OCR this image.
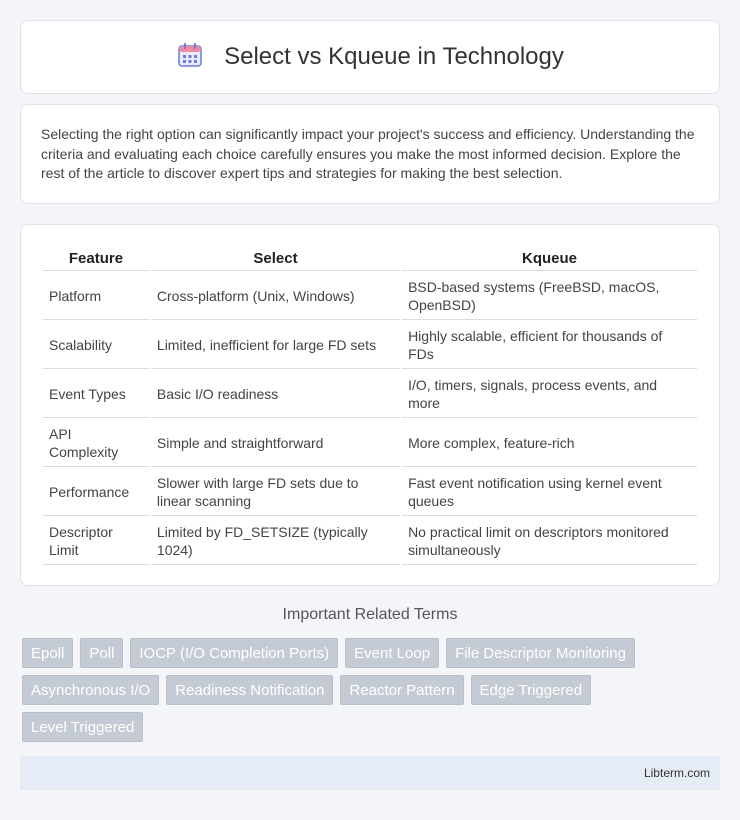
Select vs Kqueue in Technology

Selecting the right option can significantly impact your project's success and efficiency. Understanding the criteria and evaluating each choice carefully ensures you make the most informed decision. Explore the rest of the article to discover expert tips and strategies for making the best selection.

Feature	Select	Kqueue
Platform	Cross-platform (Unix, Windows)	BSD-based systems (FreeBSD, macOS, OpenBSD)
Scalability	Limited, inefficient for large FD sets	Highly scalable, efficient for thousands of FDs
Event Types	Basic I/O readiness	I/O, timers, signals, process events, and more
API Complexity	Simple and straightforward	More complex, feature-rich
Performance	Slower with large FD sets due to linear scanning	Fast event notification using kernel event queues
Descriptor Limit	Limited by FD_SETSIZE (typically 1024)	No practical limit on descriptors monitored simultaneously
Important Related Terms
Epoll	Poll	IOCP (I/O Completion Ports)	Event Loop	File Descriptor Monitoring
Asynchronous I/O	Readiness Notification	Reactor Pattern	Edge Triggered
Level Triggered
Libterm.com
